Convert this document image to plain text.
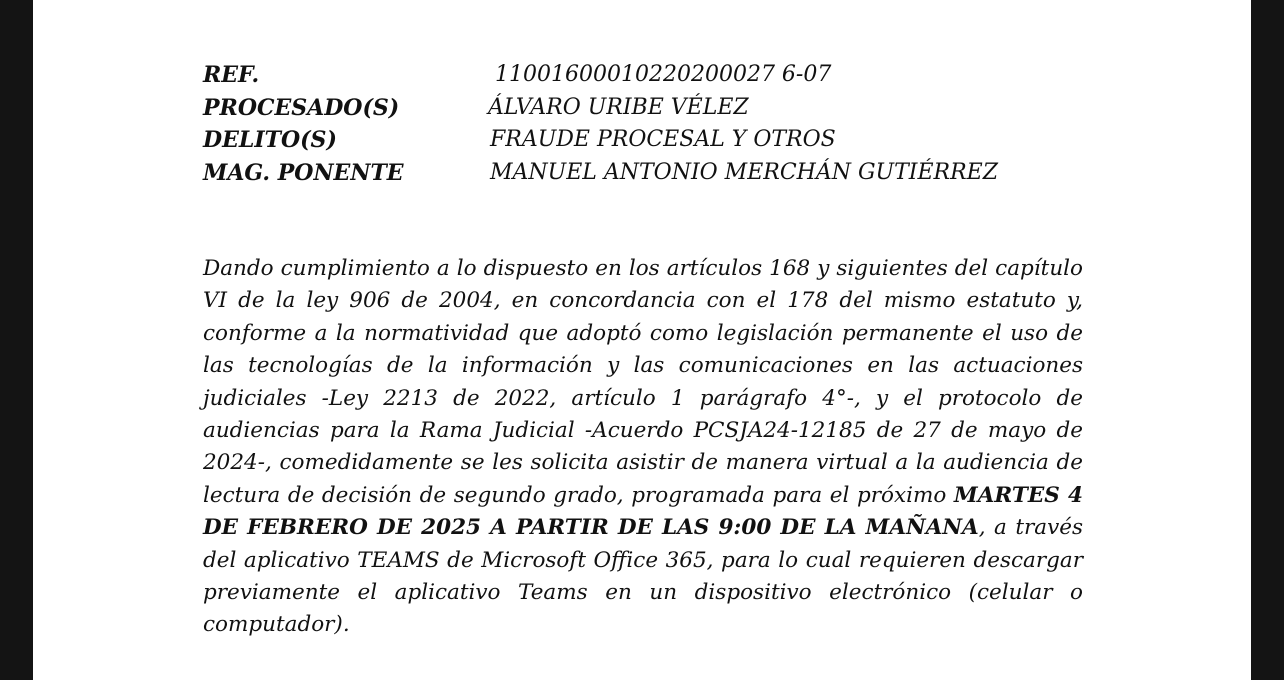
REF.	11001600010220200027 6-07
PROCESADO(S)	ÁLVARO URIBE VÉLEZ
DELITO(S)	FRAUDE PROCESAL Y OTROS
MAG. PONENTE	MANUEL ANTONIO MERCHÁN GUTIÉRREZ
Dando cumplimiento a lo dispuesto en los artículos 168 y siguientes del capítulo VI de la ley 906 de 2004, en concordancia con el 178 del mismo estatuto y, conforme a la normatividad que adoptó como legislación permanente el uso de las tecnologías de la información y las comunicaciones en las actuaciones judiciales -Ley 2213 de 2022, artículo 1 parágrafo 4°-, y el protocolo de audiencias para la Rama Judicial -Acuerdo PCSJA24-12185 de 27 de mayo de 2024-, comedidamente se les solicita asistir de manera virtual a la audiencia de lectura de decisión de segundo grado, programada para el próximo MARTES 4 DE FEBRERO DE 2025 A PARTIR DE LAS 9:00 DE LA MAÑANA, a través del aplicativo TEAMS de Microsoft Office 365, para lo cual requieren descargar previamente el aplicativo Teams en un dispositivo electrónico (celular o computador).
